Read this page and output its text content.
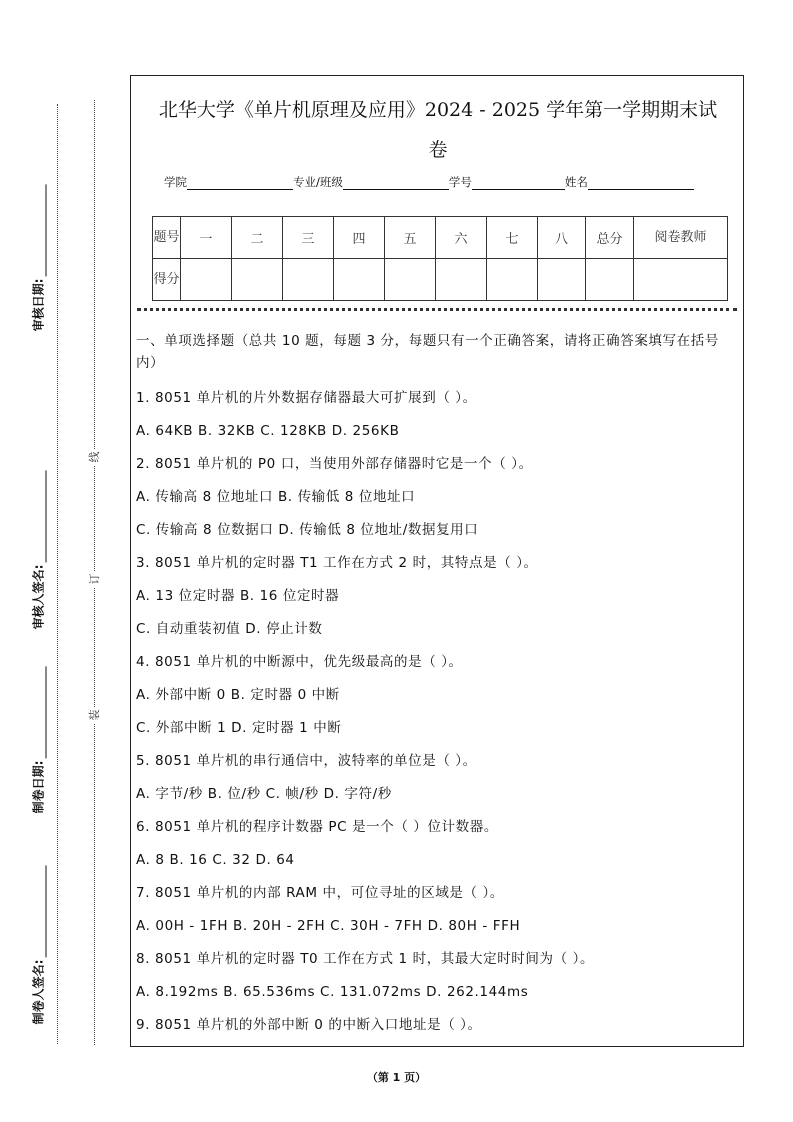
审核日期:
审核人签名:
制卷日期:
制卷人签名:
线
订
装
北华大学《单片机原理及应用》2024 - 2025 学年第一学期期末试
卷
学院	专业/班级	学号	姓名
题号	一	二	三	四	五	六	七	八	总分	阅卷教师
得分										
一、单项选择题（总共 10 题，每题 3 分，每题只有一个正确答案，请将正确答案填写在括号内）
1. 8051 单片机的片外数据存储器最大可扩展到（ ）。
A. 64KB B. 32KB C. 128KB D. 256KB
2. 8051 单片机的 P0 口，当使用外部存储器时它是一个（ ）。
A. 传输高 8 位地址口 B. 传输低 8 位地址口
C. 传输高 8 位数据口 D. 传输低 8 位地址/数据复用口
3. 8051 单片机的定时器 T1 工作在方式 2 时，其特点是（ ）。
A. 13 位定时器 B. 16 位定时器
C. 自动重装初值 D. 停止计数
4. 8051 单片机的中断源中，优先级最高的是（ ）。
A. 外部中断 0 B. 定时器 0 中断
C. 外部中断 1 D. 定时器 1 中断
5. 8051 单片机的串行通信中，波特率的单位是（ ）。
A. 字节/秒 B. 位/秒 C. 帧/秒 D. 字符/秒
6. 8051 单片机的程序计数器 PC 是一个（ ）位计数器。
A. 8 B. 16 C. 32 D. 64
7. 8051 单片机的内部 RAM 中，可位寻址的区域是（ ）。
A. 00H - 1FH B. 20H - 2FH C. 30H - 7FH D. 80H - FFH
8. 8051 单片机的定时器 T0 工作在方式 1 时，其最大定时时间为（ ）。
A. 8.192ms B. 65.536ms C. 131.072ms D. 262.144ms
9. 8051 单片机的外部中断 0 的中断入口地址是（ ）。
（第 1 页）
